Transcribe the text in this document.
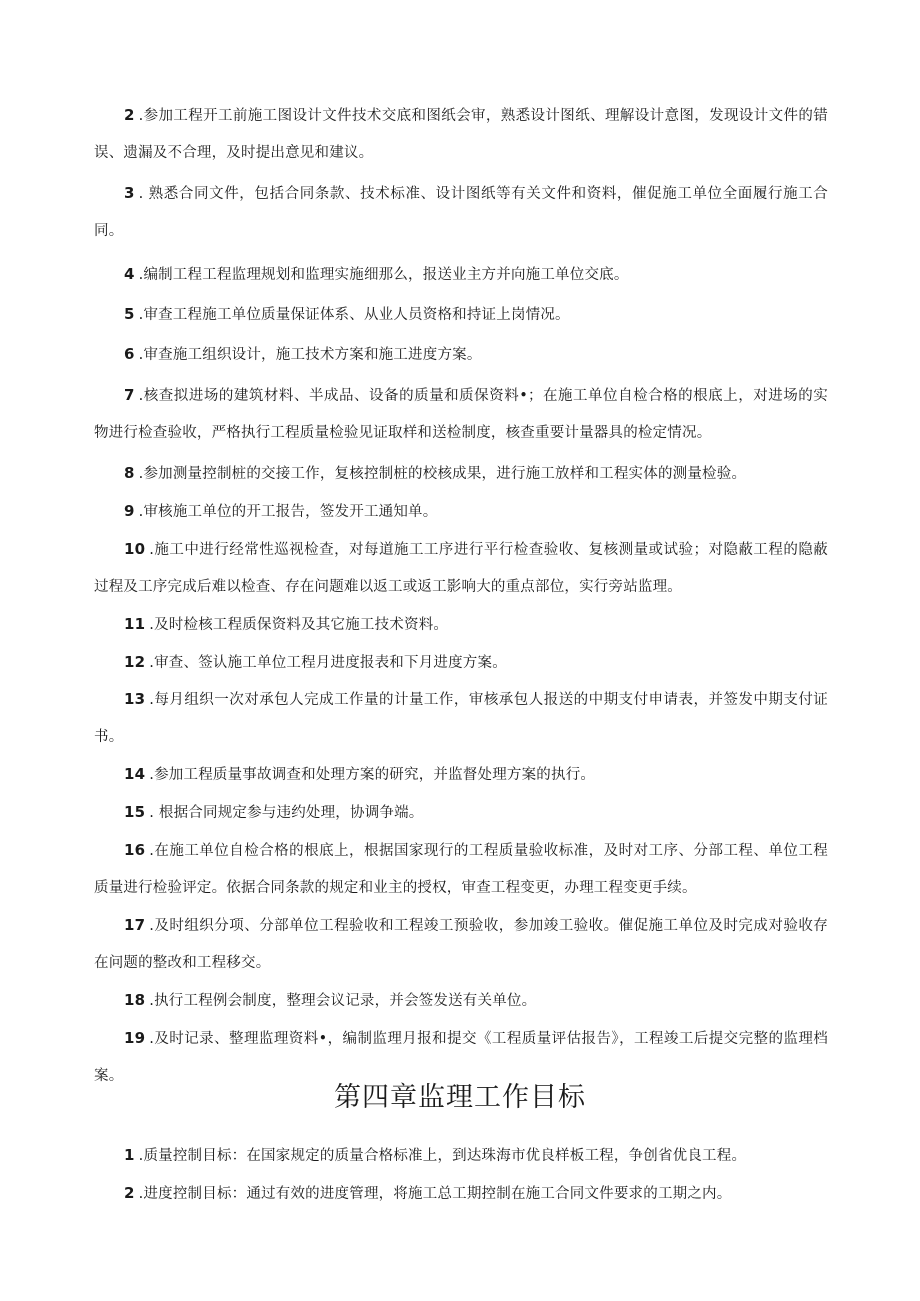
2 .参加工程开工前施工图设计文件技术交底和图纸会审，熟悉设计图纸、理解设计意图，发现设计文件的错误、遗漏及不合理，及时提出意见和建议。

3 . 熟悉合同文件，包括合同条款、技术标准、设计图纸等有关文件和资料，催促施工单位全面履行施工合同。

4 .编制工程工程监理规划和监理实施细那么，报送业主方并向施工单位交底。

5 .审查工程施工单位质量保证体系、从业人员资格和持证上岗情况。

6 .审查施工组织设计，施工技术方案和施工进度方案。

7 .核查拟进场的建筑材料、半成品、设备的质量和质保资料•；在施工单位自检合格的根底上，对进场的实物进行检查验收，严格执行工程质量检验见证取样和送检制度，核查重要计量器具的检定情况。

8 .参加测量控制桩的交接工作，复核控制桩的校核成果，进行施工放样和工程实体的测量检验。

9 .审核施工单位的开工报告，签发开工通知单。

10 .施工中进行经常性巡视检查，对每道施工工序进行平行检查验收、复核测量或试验；对隐蔽工程的隐蔽过程及工序完成后难以检查、存在问题难以返工或返工影响大的重点部位，实行旁站监理。

11 .及时检核工程质保资料及其它施工技术资料。

12 .审查、签认施工单位工程月进度报表和下月进度方案。

13 .每月组织一次对承包人完成工作量的计量工作，审核承包人报送的中期支付申请表，并签发中期支付证书。

14 .参加工程质量事故调查和处理方案的研究，并监督处理方案的执行。

15 . 根据合同规定参与违约处理，协调争端。

16 .在施工单位自检合格的根底上，根据国家现行的工程质量验收标准，及时对工序、分部工程、单位工程质量进行检验评定。依据合同条款的规定和业主的授权，审查工程变更，办理工程变更手续。

17 .及时组织分项、分部单位工程验收和工程竣工预验收，参加竣工验收。催促施工单位及时完成对验收存在问题的整改和工程移交。

18 .执行工程例会制度，整理会议记录，并会签发送有关单位。

19 .及时记录、整理监理资料•，编制监理月报和提交《工程质量评估报告》，工程竣工后提交完整的监理档案。

第四章监理工作目标

1 .质量控制目标：在国家规定的质量合格标准上，到达珠海市优良样板工程，争创省优良工程。

2 .进度控制目标：通过有效的进度管理，将施工总工期控制在施工合同文件要求的工期之内。
